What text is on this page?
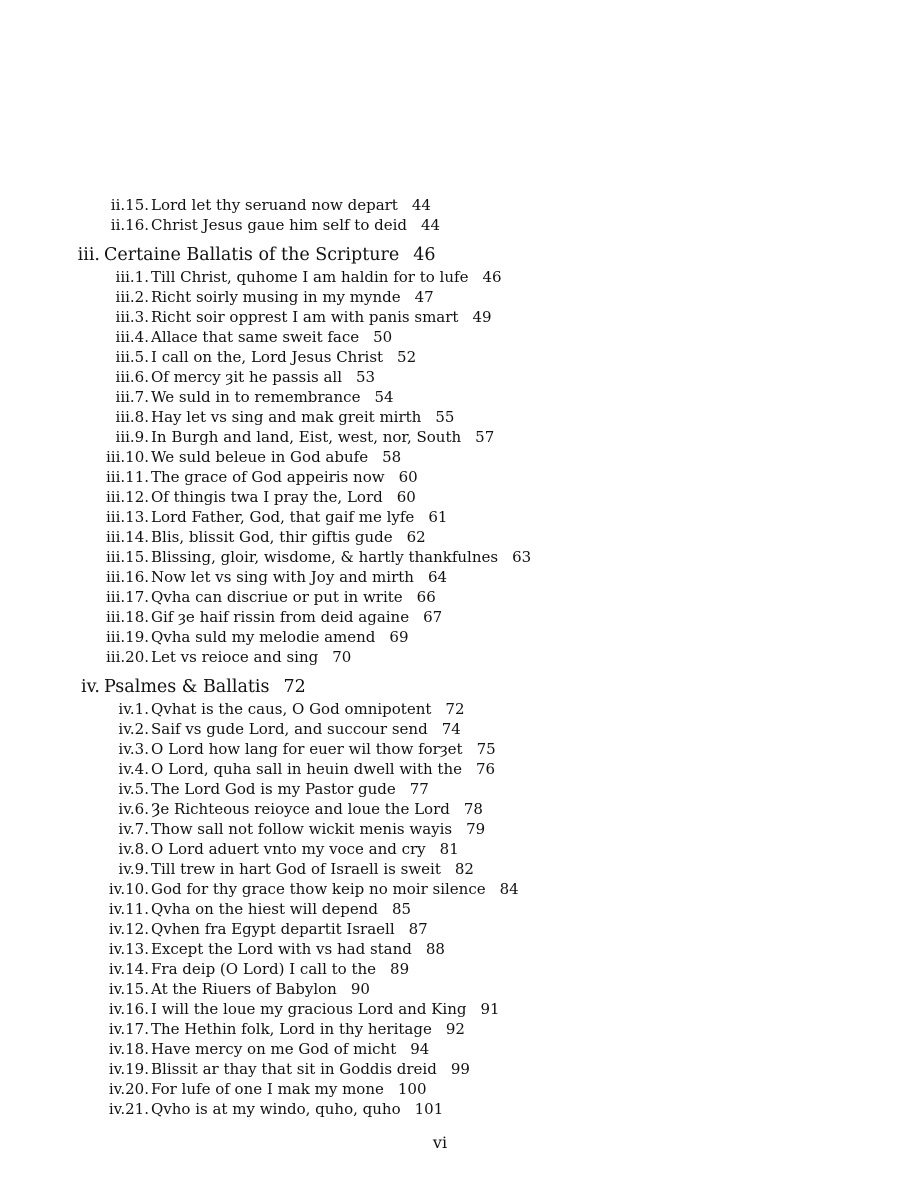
ii.15. Lord let thy seruand now depart 44
ii.16. Christ Jesus gaue him self to deid 44
iii. Certaine Ballatis of the Scripture 46
iii.1. Till Christ, quhome I am haldin for to lufe 46
iii.2. Richt soirly musing in my mynde 47
iii.3. Richt soir opprest I am with panis smart 49
iii.4. Allace that same sweit face 50
iii.5. I call on the, Lord Jesus Christ 52
iii.6. Of mercy ȝit he passis all 53
iii.7. We suld in to remembrance 54
iii.8. Hay let vs sing and mak greit mirth 55
iii.9. In Burgh and land, Eist, west, nor, South 57
iii.10. We suld beleue in God abufe 58
iii.11. The grace of God appeiris now 60
iii.12. Of thingis twa I pray the, Lord 60
iii.13. Lord Father, God, that gaif me lyfe 61
iii.14. Blis, blissit God, thir giftis gude 62
iii.15. Blissing, gloir, wisdome, & hartly thankfulnes 63
iii.16. Now let vs sing with Joy and mirth 64
iii.17. Qvha can discriue or put in write 66
iii.18. Gif ȝe haif rissin from deid againe 67
iii.19. Qvha suld my melodie amend 69
iii.20. Let vs reioce and sing 70
iv. Psalmes & Ballatis 72
iv.1. Qvhat is the caus, O God omnipotent 72
iv.2. Saif vs gude Lord, and succour send 74
iv.3. O Lord how lang for euer wil thow forȝet 75
iv.4. O Lord, quha sall in heuin dwell with the 76
iv.5. The Lord God is my Pastor gude 77
iv.6. Ȝe Richteous reioyce and loue the Lord 78
iv.7. Thow sall not follow wickit menis wayis 79
iv.8. O Lord aduert vnto my voce and cry 81
iv.9. Till trew in hart God of Israell is sweit 82
iv.10. God for thy grace thow keip no moir silence 84
iv.11. Qvha on the hiest will depend 85
iv.12. Qvhen fra Egypt departit Israell 87
iv.13. Except the Lord with vs had stand 88
iv.14. Fra deip (O Lord) I call to the 89
iv.15. At the Riuers of Babylon 90
iv.16. I will the loue my gracious Lord and King 91
iv.17. The Hethin folk, Lord in thy heritage 92
iv.18. Have mercy on me God of micht 94
iv.19. Blissit ar thay that sit in Goddis dreid 99
iv.20. For lufe of one I mak my mone 100
iv.21. Qvho is at my windo, quho, quho 101
vi
